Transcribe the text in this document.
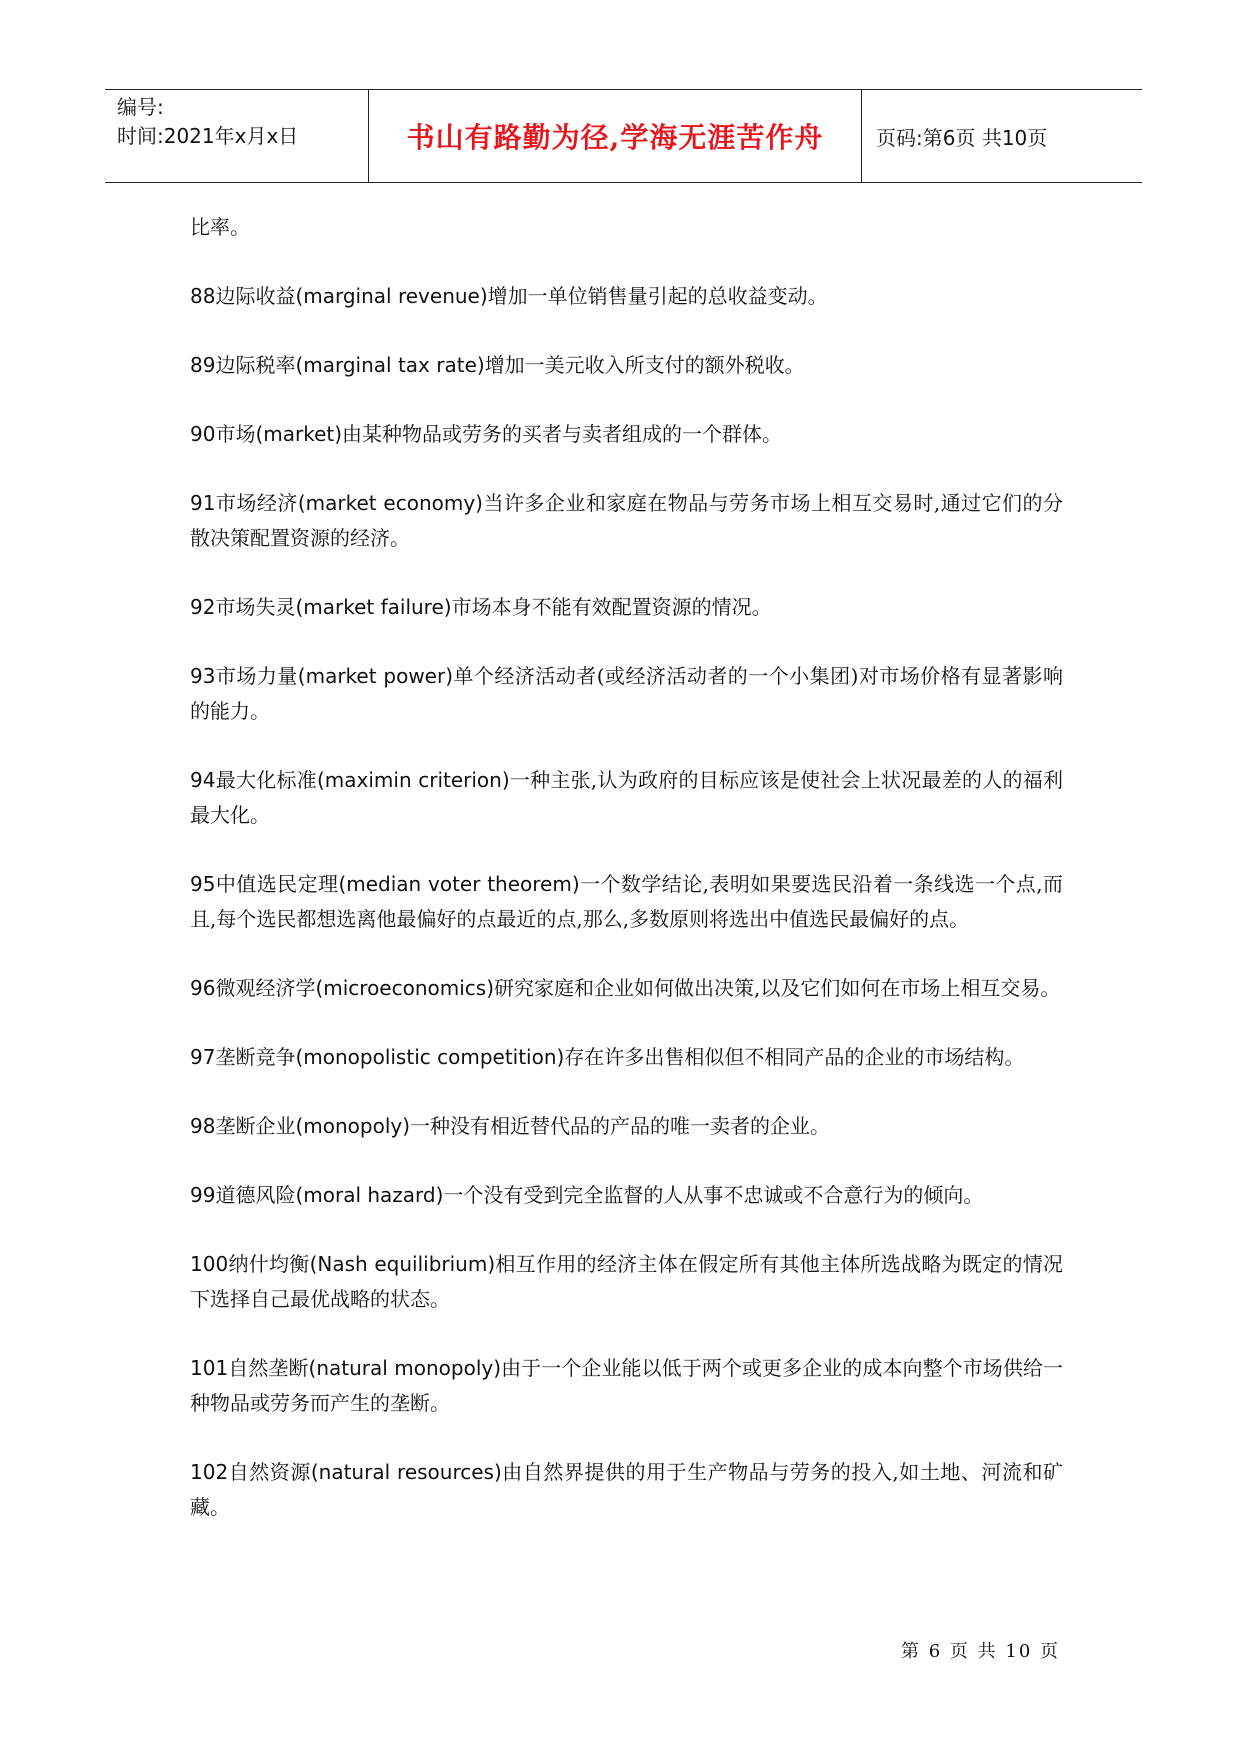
编号:
时间:2021年x月x日	书山有路勤为径,学海无涯苦作舟	页码:第6页 共10页

比率。

88边际收益(marginal revenue)增加一单位销售量引起的总收益变动。

89边际税率(marginal tax rate)增加一美元收入所支付的额外税收。

90市场(market)由某种物品或劳务的买者与卖者组成的一个群体。

91市场经济(market economy)当许多企业和家庭在物品与劳务市场上相互交易时,通过它们的分散决策配置资源的经济。

92市场失灵(market failure)市场本身不能有效配置资源的情况。

93市场力量(market power)单个经济活动者(或经济活动者的一个小集团)对市场价格有显著影响的能力。

94最大化标准(maximin criterion)一种主张,认为政府的目标应该是使社会上状况最差的人的福利最大化。

95中值选民定理(median voter theorem)一个数学结论,表明如果要选民沿着一条线选一个点,而且,每个选民都想选离他最偏好的点最近的点,那么,多数原则将选出中值选民最偏好的点。

96微观经济学(microeconomics)研究家庭和企业如何做出决策,以及它们如何在市场上相互交易。

97垄断竞争(monopolistic competition)存在许多出售相似但不相同产品的企业的市场结构。

98垄断企业(monopoly)一种没有相近替代品的产品的唯一卖者的企业。

99道德风险(moral hazard)一个没有受到完全监督的人从事不忠诚或不合意行为的倾向。

100纳什均衡(Nash equilibrium)相互作用的经济主体在假定所有其他主体所选战略为既定的情况下选择自己最优战略的状态。

101自然垄断(natural monopoly)由于一个企业能以低于两个或更多企业的成本向整个市场供给一种物品或劳务而产生的垄断。

102自然资源(natural resources)由自然界提供的用于生产物品与劳务的投入,如土地、河流和矿藏。

第 6 页 共 10 页
